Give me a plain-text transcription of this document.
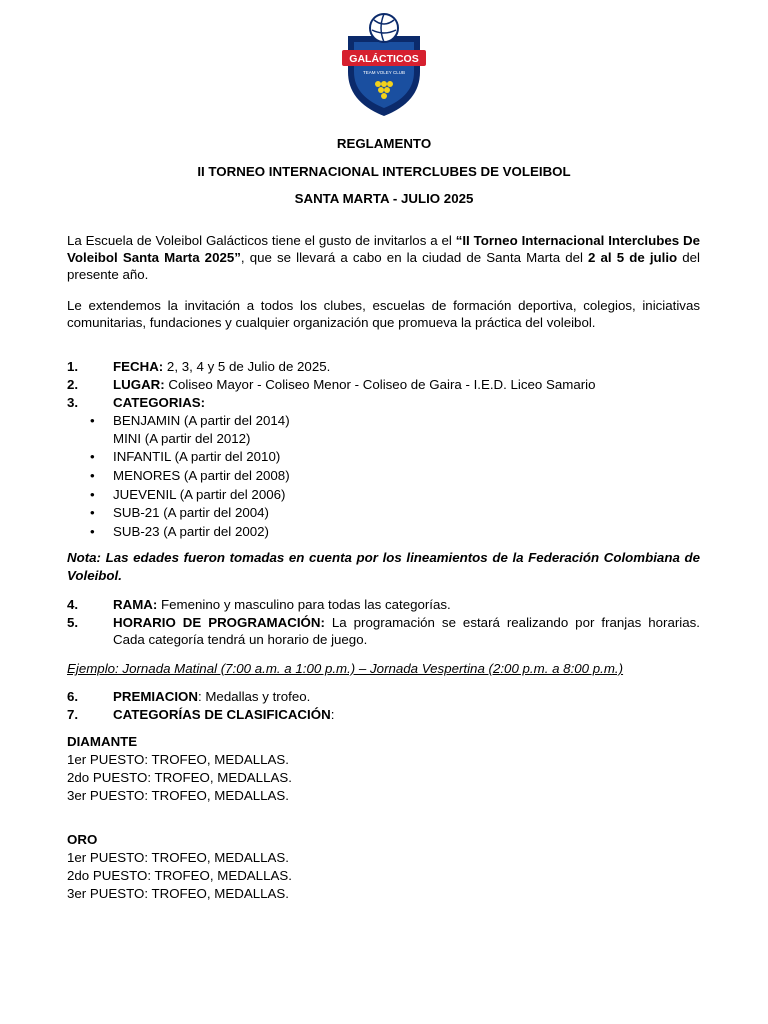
GALÁCTICOS
TEAM VOLEY CLUB
REGLAMENTO
II TORNEO INTERNACIONAL INTERCLUBES DE VOLEIBOL
SANTA MARTA - JULIO 2025
La Escuela de Voleibol Galácticos tiene el gusto de invitarlos a el “II Torneo Internacional Interclubes De Voleibol Santa Marta 2025”, que se llevará a cabo en la ciudad de Santa Marta del 2 al 5 de julio del presente año.
Le extendemos la invitación a todos los clubes, escuelas de formación deportiva, colegios, iniciativas comunitarias, fundaciones y cualquier organización que promueva la práctica del voleibol.
1.	FECHA: 2, 3, 4 y 5 de Julio de 2025.
2.	LUGAR: Coliseo Mayor - Coliseo Menor - Coliseo de Gaira - I.E.D. Liceo Samario
3.	CATEGORIAS:
• BENJAMIN (A partir del 2014)
MINI (A partir del 2012)
• INFANTIL (A partir del 2010)
• MENORES (A partir del 2008)
• JUEVENIL (A partir del 2006)
• SUB-21 (A partir del 2004)
• SUB-23 (A partir del 2002)
Nota: Las edades fueron tomadas en cuenta por los lineamientos de la Federación Colombiana de Voleibol.
4.	RAMA: Femenino y masculino para todas las categorías.
5.	HORARIO DE PROGRAMACIÓN: La programación se estará realizando por franjas horarias. Cada categoría tendrá un horario de juego.
Ejemplo: Jornada Matinal (7:00 a.m. a 1:00 p.m.) – Jornada Vespertina (2:00 p.m. a 8:00 p.m.)
6.	PREMIACION: Medallas y trofeo.
7.	CATEGORÍAS DE CLASIFICACIÓN:
DIAMANTE
1er PUESTO: TROFEO, MEDALLAS.
2do PUESTO: TROFEO, MEDALLAS.
3er PUESTO: TROFEO, MEDALLAS.
ORO
1er PUESTO: TROFEO, MEDALLAS.
2do PUESTO: TROFEO, MEDALLAS.
3er PUESTO: TROFEO, MEDALLAS.
